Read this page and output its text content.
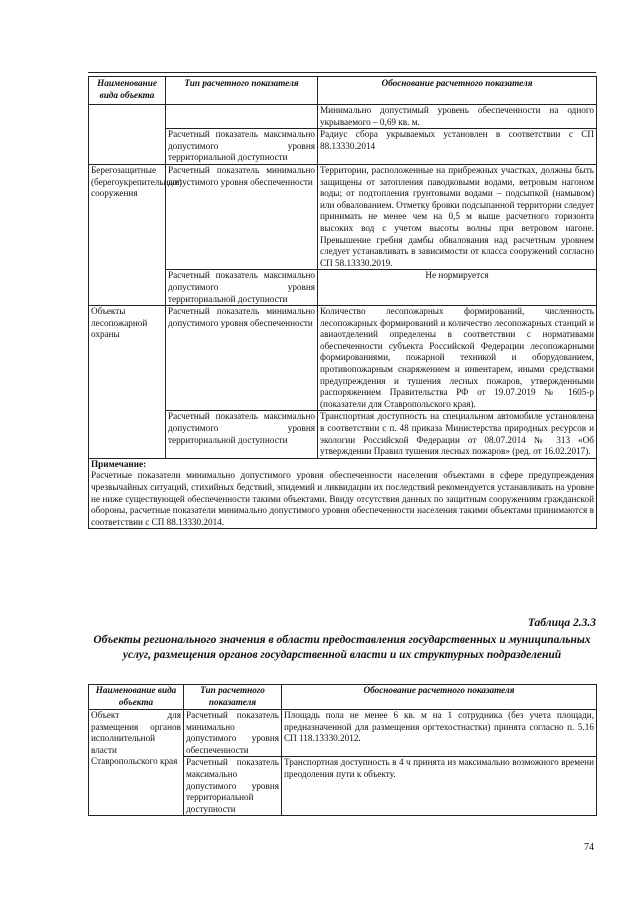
Наименование вида объекта	Тип расчетного показателя	Обоснование расчетного показателя
		Минимально допустимый уровень обеспеченности на одного укрываемого – 0,69 кв. м.
	Расчетный показатель максимально допустимого уровня территориальной доступности	Радиус сбора укрываемых установлен в соответствии с СП 88.13330.2014
Берегозащитные (берегоукрепительные) сооружения	Расчетный показатель минимально допустимого уровня обеспеченности	Территории, расположенные на прибрежных участках, должны быть защищены от затопления паводковыми водами, ветровым нагоном воды; от подтопления грунтовыми водами – подсыпкой (намывом) или обвалованием. Отметку бровки подсыпанной территории следует принимать не менее чем на 0,5 м выше расчетного горизонта высоких вод с учетом высоты волны при ветровом нагоне. Превышение гребня дамбы обвалования над расчетным уровнем следует устанавливать в зависимости от класса сооружений согласно СП 58.13330.2019.
	Расчетный показатель максимально допустимого уровня территориальной доступности	Не нормируется
Объекты лесопожарной охраны	Расчетный показатель минимально допустимого уровня обеспеченности	Количество лесопожарных формирований, численность лесопожарных формирований и количество лесопожарных станций и авиаотделений определены в соответствии с нормативами обеспеченности субъекта Российской Федерации лесопожарными формированиями, пожарной техникой и оборудованием, противопожарным снаряжением и инвентарем, иными средствами предупреждения и тушения лесных пожаров, утвержденными распоряжением Правительства РФ от 19.07.2019 № 1605-р (показатели для Ставропольского края).
	Расчетный показатель максимально допустимого уровня территориальной доступности	Транспортная доступность на специальном автомобиле установлена в соответствии с п. 48 приказа Министерства природных ресурсов и экологии Российской Федерации от 08.07.2014 № 313 «Об утверждении Правил тушения лесных пожаров» (ред. от 16.02.2017).

Примечание:
Расчетные показатели минимально допустимого уровня обеспеченности населения объектами в сфере предупреждения чрезвычайных ситуаций, стихийных бедствий, эпидемий и ликвидации их последствий рекомендуется устанавливать на уровне не ниже существующей обеспеченности такими объектами. Ввиду отсутствия данных по защитным сооружениям гражданской обороны, расчетные показатели минимально допустимого уровня обеспеченности населения такими объектами принимаются в соответствии с СП 88.13330.2014.		
Таблица 2.3.3
Объекты регионального значения в области предоставления государственных и муниципальных услуг, размещения органов государственной власти и их структурных подразделений
Наименование вида объекта	Тип расчетного показателя	Обоснование расчетного показателя
Объект для размещения органов исполнительной власти Ставропольского края	Расчетный показатель минимально допустимого уровня обеспеченности	Площадь пола не менее 6 кв. м на 1 сотрудника (без учета площади, предназначенной для размещения оргтехостнастки) принята согласно п. 5.16 СП 118.13330.2012.
	Расчетный показатель максимально допустимого уровня территориальной доступности	Транспортная доступность в 4 ч принята из максимально возможного времени преодоления пути к объекту.
74
